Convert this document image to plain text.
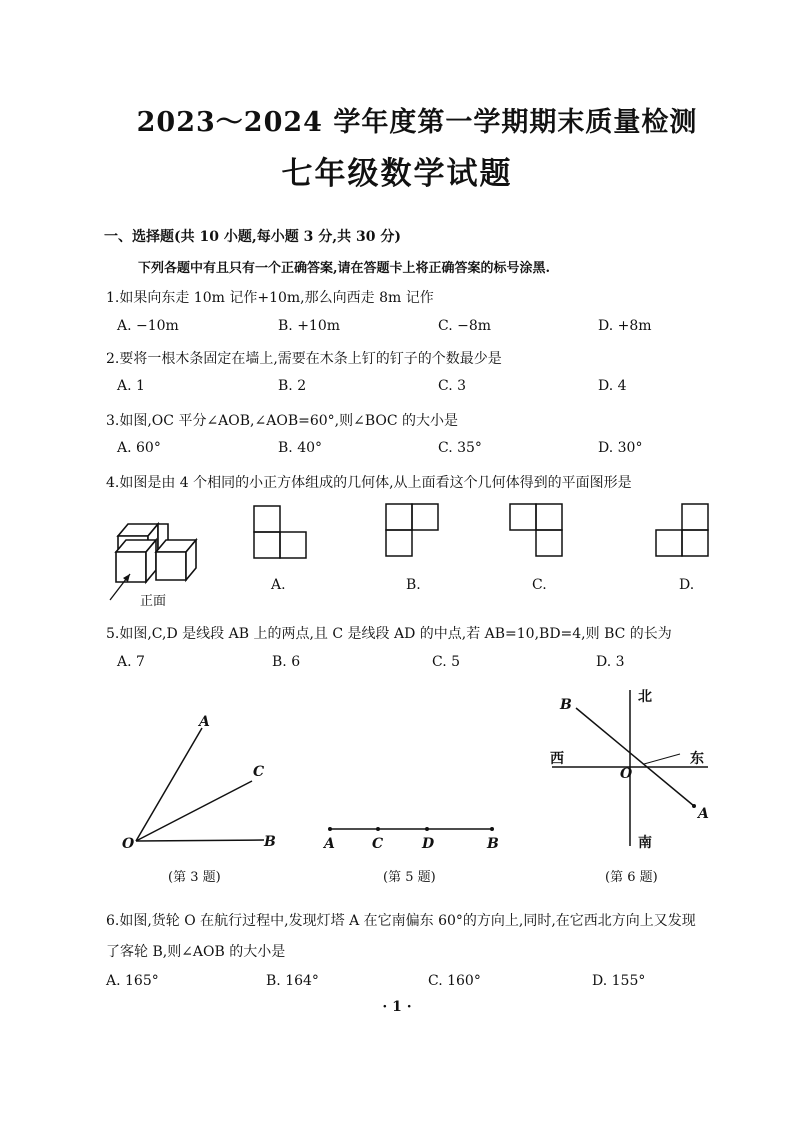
2023～2024 学年度第一学期期末质量检测
七年级数学试题
一、选择题(共 10 小题,每小题 3 分,共 30 分)
下列各题中有且只有一个正确答案,请在答题卡上将正确答案的标号涂黑.
1.如果向东走 10m 记作+10m,那么向西走 8m 记作
A. −10m	B. +10m	C. −8m	D. +8m
2.要将一根木条固定在墙上,需要在木条上钉的钉子的个数最少是
A. 1	B. 2	C. 3	D. 4
3.如图,OC 平分∠AOB,∠AOB=60°,则∠BOC 的大小是
A. 60°	B. 40°	C. 35°	D. 30°
4.如图是由 4 个相同的小正方体组成的几何体,从上面看这个几何体得到的平面图形是
正面
A.	B.	C.	D.
5.如图,C,D 是线段 AB 上的两点,且 C 是线段 AD 的中点,若 AB=10,BD=4,则 BC 的长为
A. 7	B. 6	C. 5	D. 3
A
C
O	B
(第 3 题)
A	C	D	B
(第 5 题)
B
O
A
北
南
西	东
(第 6 题)
6.如图,货轮 O 在航行过程中,发现灯塔 A 在它南偏东 60°的方向上,同时,在它西北方向上又发现
了客轮 B,则∠AOB 的大小是
A. 165°	B. 164°	C. 160°	D. 155°
· 1 ·
